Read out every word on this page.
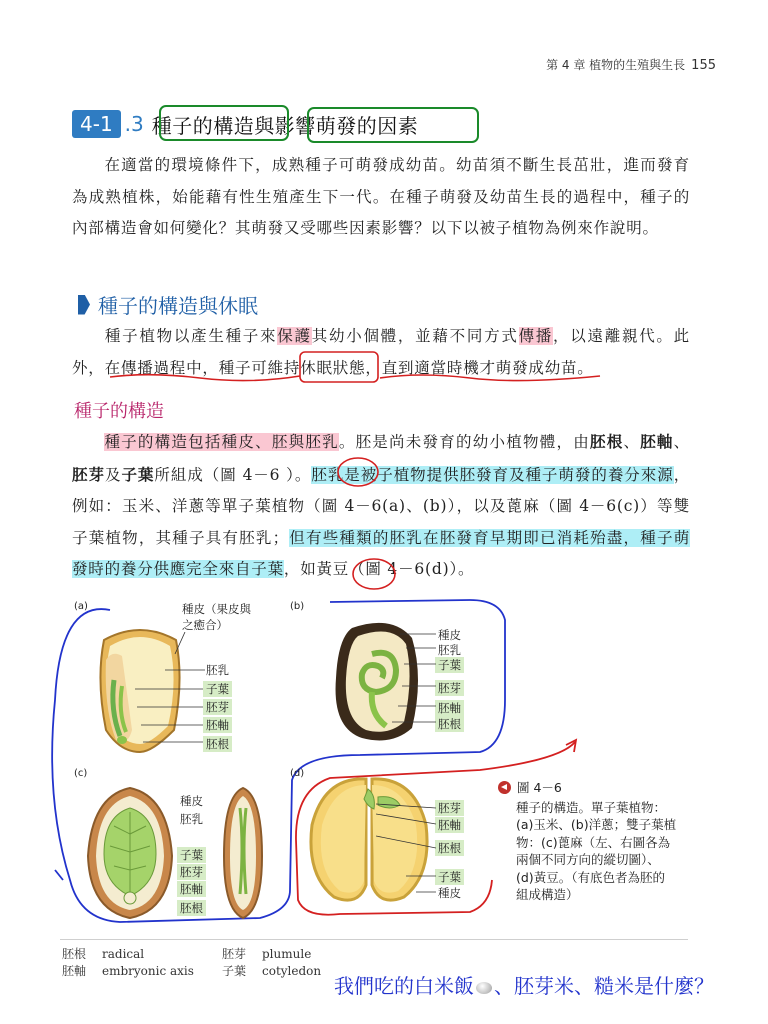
第 4 章 植物的生殖與生長 155
4-1 .3 種子的構造與影響萌發的因素
在適當的環境條件下，成熟種子可萌發成幼苗。幼苗須不斷生長茁壯，進而發育為成熟植株，始能藉有性生殖產生下一代。在種子萌發及幼苗生長的過程中，種子的內部構造會如何變化？其萌發又受哪些因素影響？以下以被子植物為例來作說明。
種子的構造與休眠
種子植物以產生種子來保護其幼小個體，並藉不同方式傳播，以遠離親代。此外，在傳播過程中，種子可維持休眠狀態，直到適當時機才萌發成幼苗。
種子的構造
種子的構造包括種皮、胚與胚乳。胚是尚未發育的幼小植物體，由胚根、胚軸、胚芽及子葉所組成（圖 4－6 ）。胚乳是被子植物提供胚發育及種子萌發的養分來源，例如：玉米、洋蔥等單子葉植物（圖 4－6(a)、(b)），以及蓖麻（圖 4－6(c)）等雙子葉植物，其種子具有胚乳；但有些種類的胚乳在胚發育早期即已消耗殆盡，種子萌發時的養分供應完全來自子葉，如黃豆（圖 4－6(d)）。
(a)	種皮（果皮與之癒合）
胚乳
子葉
胚芽
胚軸
胚根
(b)
種皮
胚乳
子葉
胚芽
胚軸
胚根
(c)
種皮
胚乳
子葉
胚芽
胚軸
胚根
(d)
胚芽
胚軸
胚根
子葉
種皮
圖 4－6
種子的構造。單子葉植物：
(a)玉米、(b)洋蔥；雙子葉植
物：(c)蓖麻（左、右圖各為
兩個不同方向的縱切圖）、
(d)黃豆。（有底色者為胚的
組成構造）
胚根 radical
胚軸 embryonic axis
胚芽 plumule
子葉 cotyledon
我們吃的白米飯 、胚芽米、糙米是什麼？
